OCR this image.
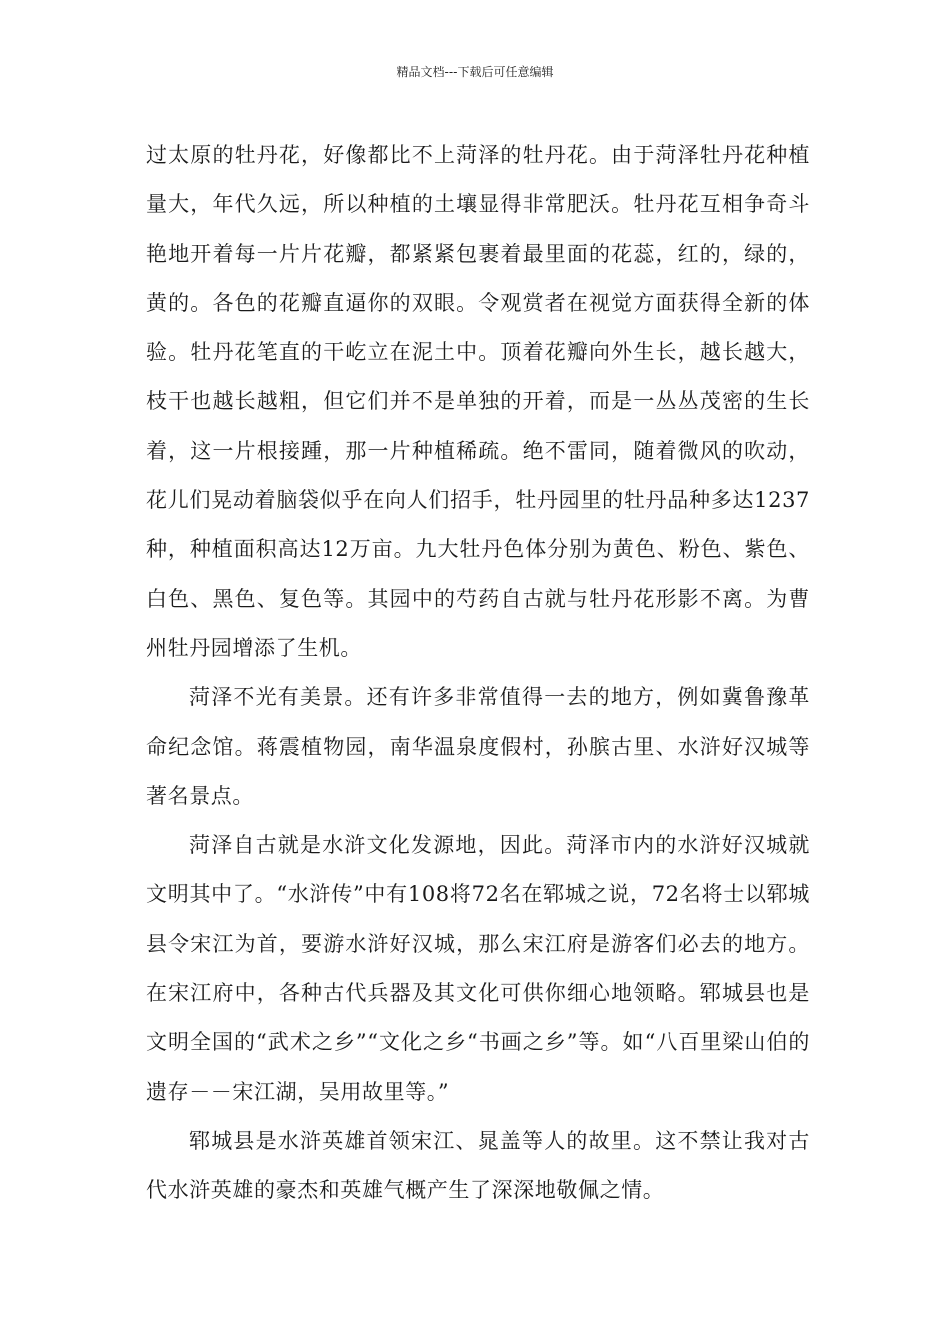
精品文档---下载后可任意编辑

过太原的牡丹花，好像都比不上菏泽的牡丹花。由于菏泽牡丹花种植量大，年代久远，所以种植的土壤显得非常肥沃。牡丹花互相争奇斗艳地开着每一片片花瓣，都紧紧包裹着最里面的花蕊，红的，绿的，黄的。各色的花瓣直逼你的双眼。令观赏者在视觉方面获得全新的体验。牡丹花笔直的干屹立在泥土中。顶着花瓣向外生长，越长越大，枝干也越长越粗，但它们并不是单独的开着，而是一丛丛茂密的生长着，这一片根接踵，那一片种植稀疏。绝不雷同，随着微风的吹动，花儿们晃动着脑袋似乎在向人们招手，牡丹园里的牡丹品种多达1237种，种植面积高达12万亩。九大牡丹色体分别为黄色、粉色、紫色、白色、黑色、复色等。其园中的芍药自古就与牡丹花形影不离。为曹州牡丹园增添了生机。

菏泽不光有美景。还有许多非常值得一去的地方，例如冀鲁豫革命纪念馆。蒋震植物园，南华温泉度假村，孙膑古里、水浒好汉城等著名景点。

菏泽自古就是水浒文化发源地，因此。菏泽市内的水浒好汉城就文明其中了。“水浒传”中有108将72名在郓城之说，72名将士以郓城县令宋江为首，要游水浒好汉城，那么宋江府是游客们必去的地方。在宋江府中，各种古代兵器及其文化可供你细心地领略。郓城县也是文明全国的“武术之乡”“文化之乡“书画之乡”等。如“八百里梁山伯的遗存－－宋江湖，吴用故里等。”

郓城县是水浒英雄首领宋江、晁盖等人的故里。这不禁让我对古代水浒英雄的豪杰和英雄气概产生了深深地敬佩之情。
